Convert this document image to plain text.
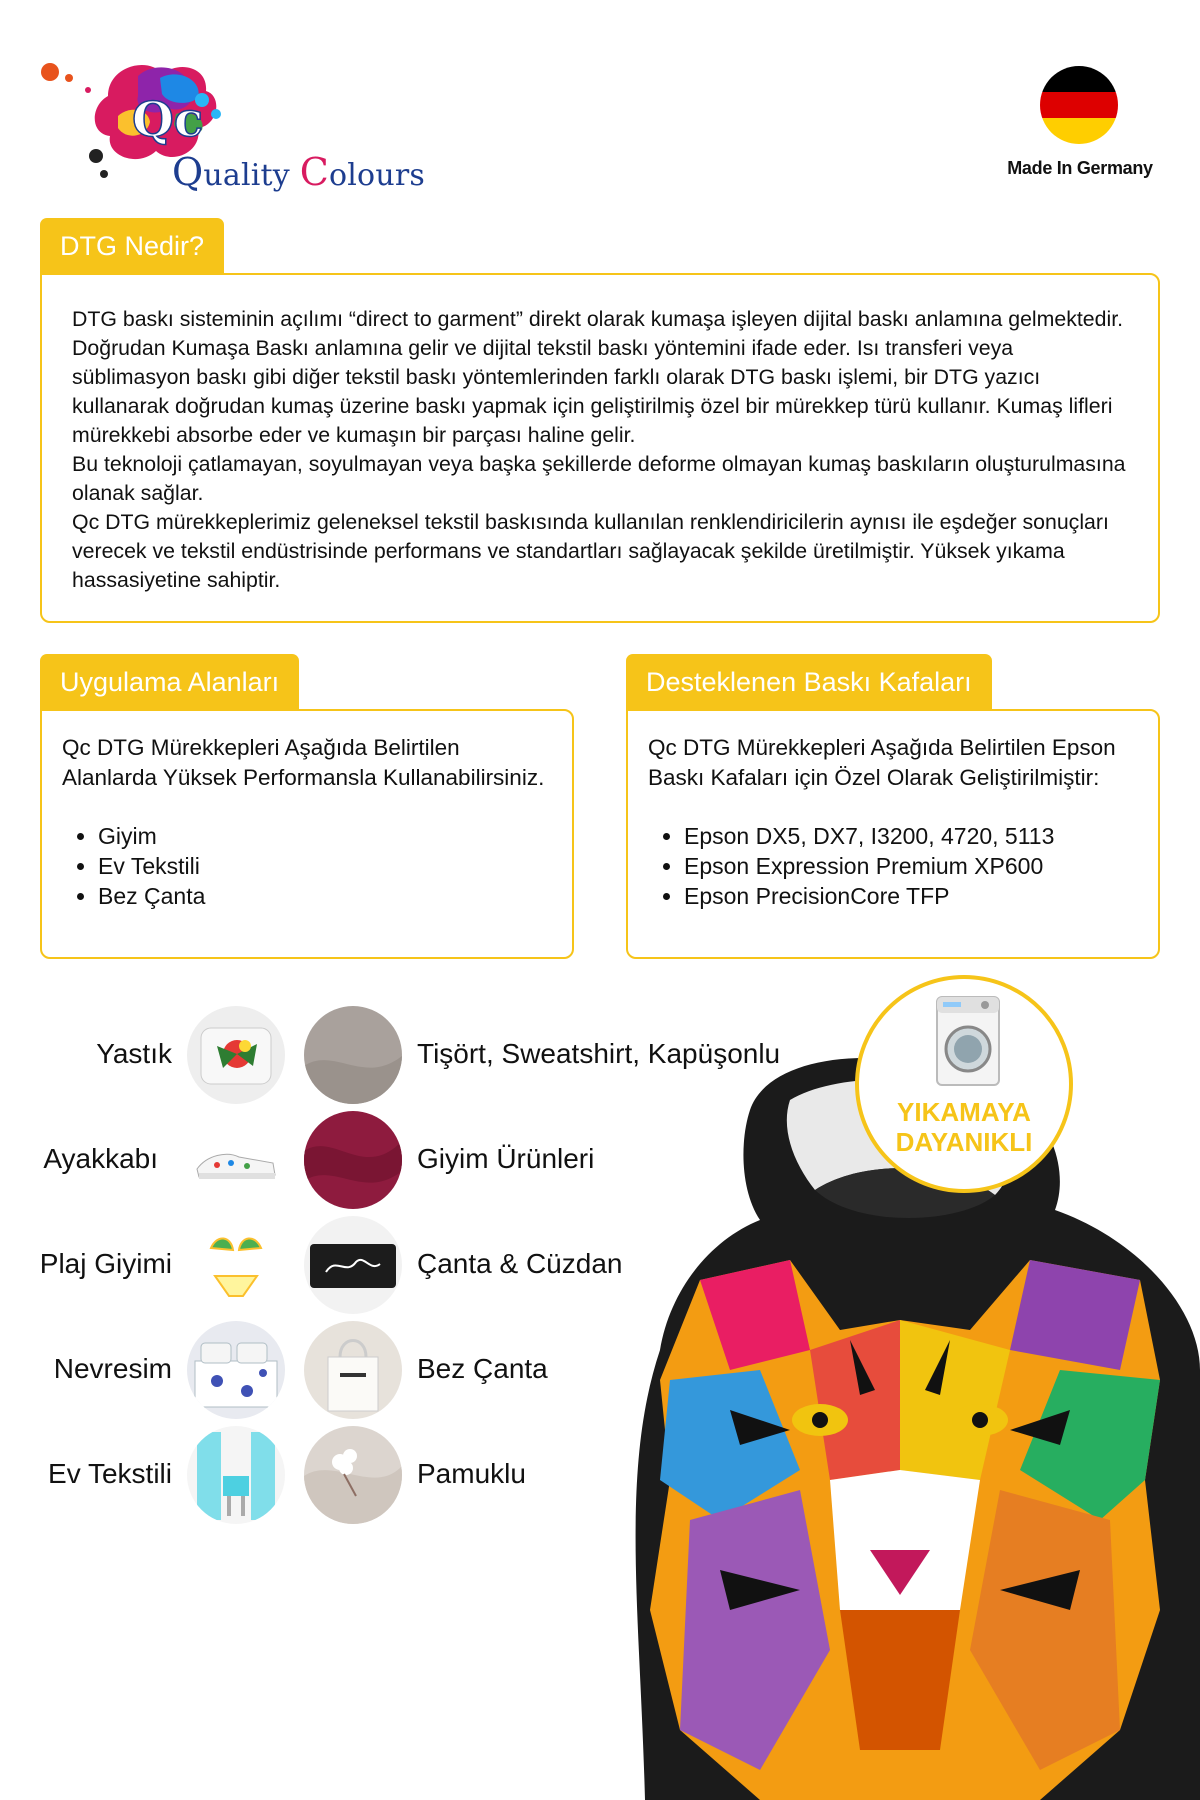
Qc
Quality Colours	Made In Germany
DTG Nedir?

DTG baskı sisteminin açılımı “direct to garment” direkt olarak kumaşa işleyen dijital baskı anlamına gelmektedir. Doğrudan Kumaşa Baskı anlamına gelir ve dijital tekstil baskı yöntemini ifade eder. Isı transferi veya süblimasyon baskı gibi diğer tekstil baskı yöntemlerinden farklı olarak DTG baskı işlemi, bir DTG yazıcı kullanarak doğrudan kumaş üzerine baskı yapmak için geliştirilmiş özel bir mürekkep türü kullanır. Kumaş lifleri mürekkebi absorbe eder ve kumaşın bir parçası haline gelir.

Bu teknoloji çatlamayan, soyulmayan veya başka şekillerde deforme olmayan kumaş baskıların oluşturulmasına olanak sağlar.

Qc DTG mürekkeplerimiz geleneksel tekstil baskısında kullanılan renklendiricilerin aynısı ile eşdeğer sonuçları verecek ve tekstil endüstrisinde performans ve standartları sağlayacak şekilde üretilmiştir. Yüksek yıkama hassasiyetine sahiptir.

Uygulama Alanları

Qc DTG Mürekkepleri Aşağıda Belirtilen Alanlarda Yüksek Performansla Kullanabilirsiniz.

• Giyim
• Ev Tekstili
• Bez Çanta
Desteklenen Baskı Kafaları

Qc DTG Mürekkepleri Aşağıda Belirtilen Epson Baskı Kafaları için Özel Olarak Geliştirilmiştir:

• Epson DX5, DX7, I3200, 4720, 5113
• Epson Expression Premium XP600
• Epson PrecisionCore TFP
YIKAMAYA
DAYANIKLI
Yastık
Ayakkabı
Plaj Giyimi
Nevresim
Ev Tekstili
Tişört, Sweatshirt, Kapüşonlu
Giyim Ürünleri
Çanta & Cüzdan
Bez Çanta
Pamuklu
